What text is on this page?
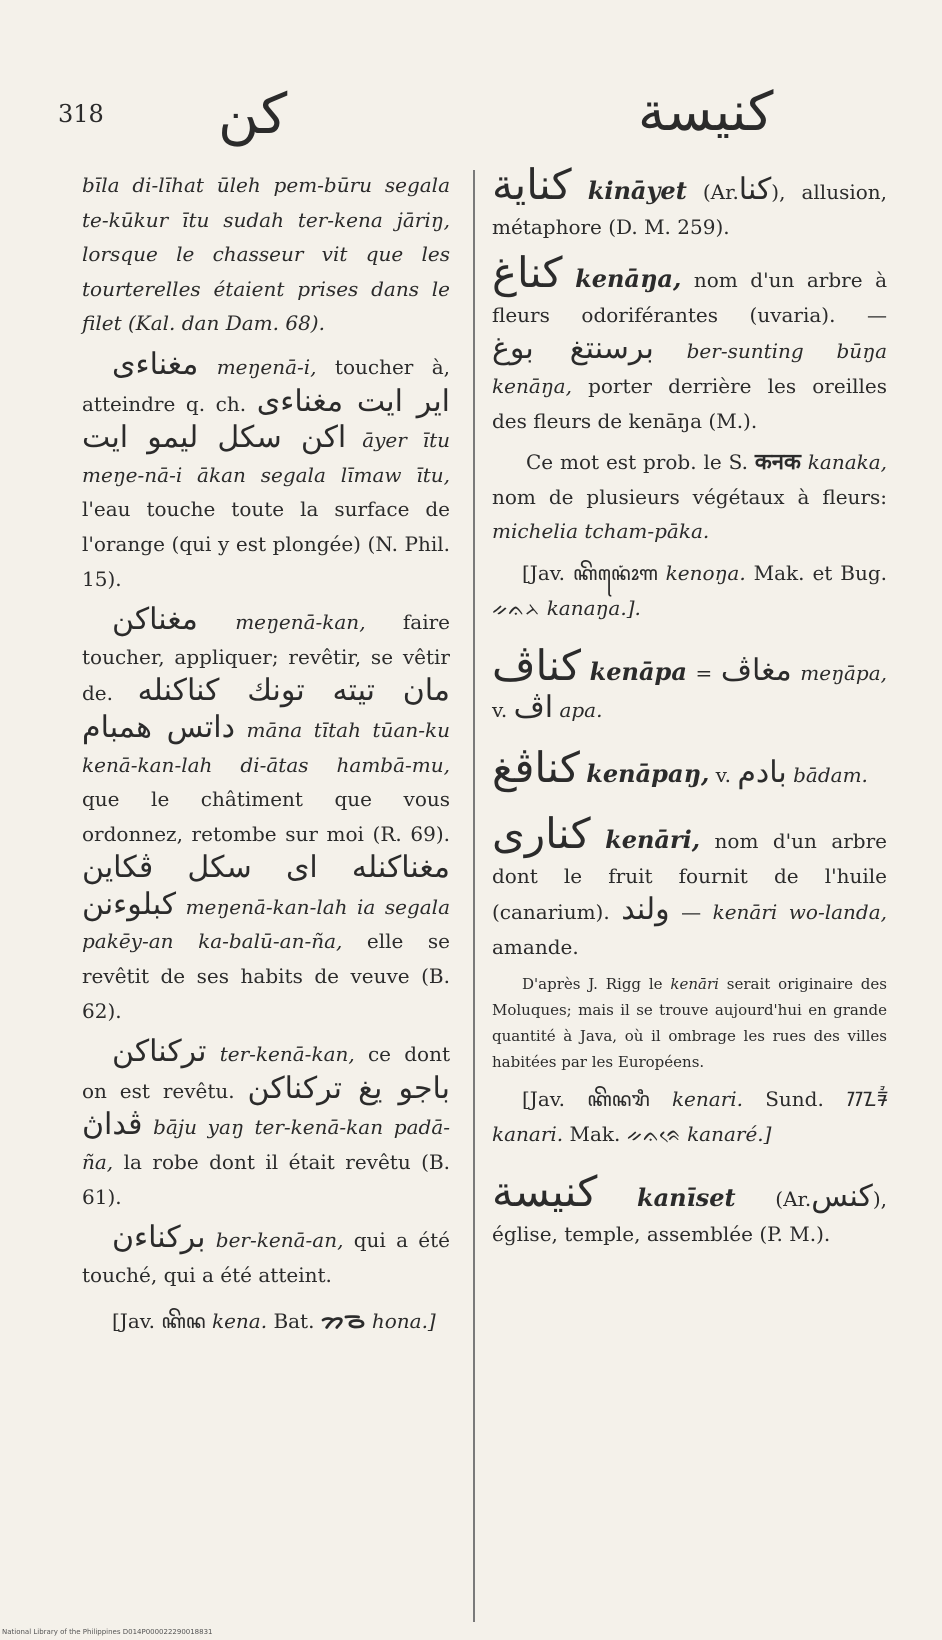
318 كن	كنيسة

bīla di-līhat ūleh pem-būru segala te-kūkur ītu sudah ter-kena jāriŋ, lorsque le chasseur vit que les tourterelles étaient prises dans le filet (Kal. dan Dam. 68).

مغناءى meŋenā-i, toucher à, atteindre q. ch. اير ايت مغناءى اكن سكل ليمو ايت āyer ītu meŋe-nā-i ākan segala līmaw ītu, l'eau touche toute la surface de l'orange (qui y est plongée) (N. Phil. 15).

مغناكن meŋenā-kan, faire toucher, appliquer; revêtir, se vêtir de. مان تيته تونك كناكنله داتس همبام māna tītah tūan-ku kenā-kan-lah di-ātas hambā-mu, que le châtiment que vous ordonnez, retombe sur moi (R. 69). مغناكنله اى سكل ڤكاين كبلوءنن meŋenā-kan-lah ia segala pakēy-an ka-balū-an-ña, elle se revêtit de ses habits de veuve (B. 62).

تركناكن ter-kenā-kan, ce dont on est revêtu. باجو يغ تركناكن ڤداڽ bāju yaŋ ter-kenā-kan padā-ña, la robe dont il était revêtu (B. 61).

بركناءن ber-kenā-an, qui a été touché, qui a été atteint.

[Jav. ꦏꦼꦤ kena. Bat. ᯂᯉ hona.]

كناية kināyet (Ar.كنا), allusion, métaphore (D. M. 259).

كناغ kenāŋa, nom d'un arbre à fleurs odoriférantes (uvaria). — برسنتغ بوغ ber-sunting būŋa kenāŋa, porter derrière les oreilles des fleurs de kenāŋa (M.).

Ce mot est prob. le S. कनक kanaka, nom de plusieurs végétaux à fleurs: michelia tcham-pāka.

[Jav. ꦏꦼꦤꦺꦴꦁꦒ kenoŋa. Mak. et Bug. ᨀᨊᨂ kanaŋa.].

كناڤ kenāpa = مغاڤ meŋāpa, v. اڤ apa.

كناڤغ kenāpaŋ, v. بادم bādam.

كنارى kenāri, nom d'un arbre dont le fruit fournit de l'huile (canarium). ولند — kenāri wo-landa, amande.

D'après J. Rigg le kenāri serait originaire des Moluques; mais il se trouve aujourd'hui en grande quantité à Java, où il ombrage les rues des villes habitées par les Européens.

[Jav. ꦏꦼꦤꦫꦶ kenari. Sund. ᮊᮔᮛᮤ kanari. Mak. ᨀᨊᨑᨙ kanaré.]

كنيسة kanīset (Ar.كنس), église, temple, assemblée (P. M.).

National Library of the Philippines D014P000022290018831
